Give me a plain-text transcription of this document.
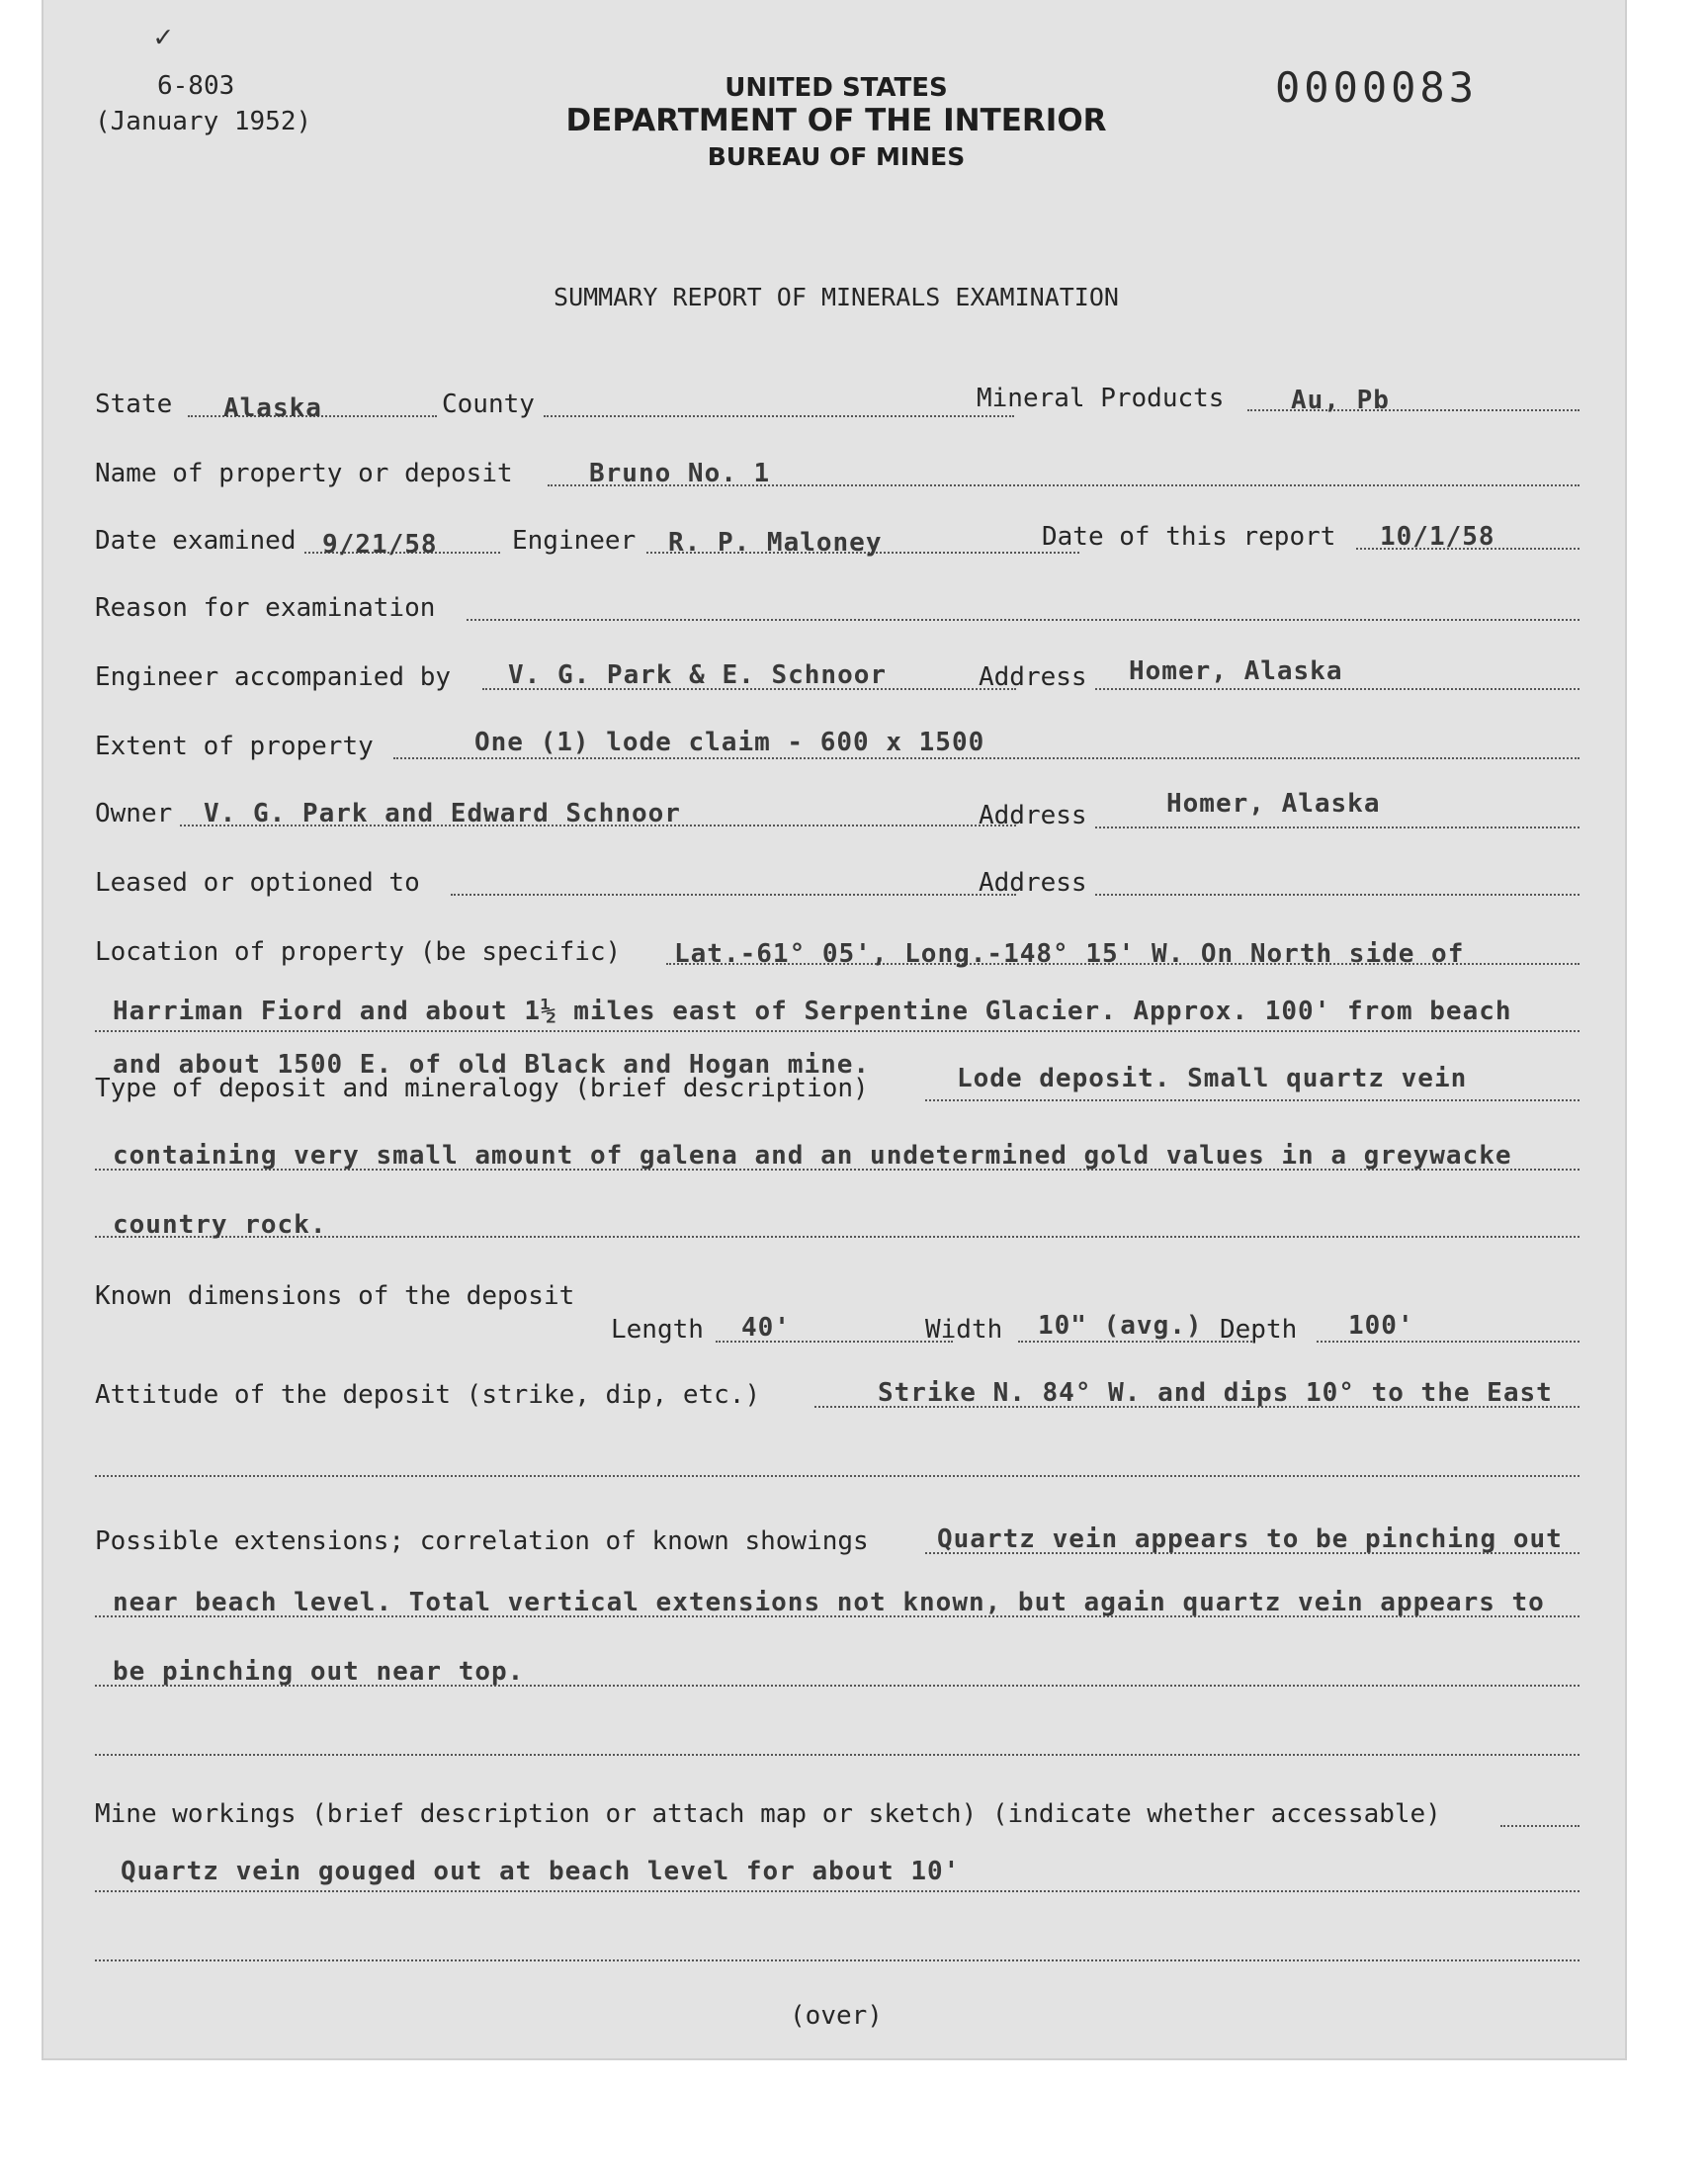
✓
6-803
(January 1952)
UNITED STATES
DEPARTMENT OF THE INTERIOR
BUREAU OF MINES
0000083
SUMMARY REPORT OF MINERALS EXAMINATION
State Alaska	County	Mineral Products	Au, Pb
Name of property or deposit	Bruno No. 1
Date examined 9/21/58	Engineer R. P. Maloney	Date of this report 10/1/58
Reason for examination
Engineer accompanied by V. G. Park & E. Schnoor	Address Homer, Alaska
Extent of property	One (1) lode claim - 600 x 1500
Owner V. G. Park and Edward Schnoor	Address	Homer, Alaska
Leased or optioned to	Address
Location of property (be specific) Lat.-61° 05', Long.-148° 15' W. On North side of
Harriman Fiord and about 1½ miles east of Serpentine Glacier. Approx. 100' from beach
and about 1500 E. of old Black and Hogan mine.
Type of deposit and mineralogy (brief description)	Lode deposit. Small quartz vein
containing very small amount of galena and an undetermined gold values in a greywacke
country rock.
Known dimensions of the deposit
Length 40'	Width 10" (avg.) Depth 100'
Attitude of the deposit (strike, dip, etc.)	Strike N. 84° W. and dips 10° to the East
Possible extensions; correlation of known showings	Quartz vein appears to be pinching out
near beach level. Total vertical extensions not known, but again quartz vein appears to
be pinching out near top.
Mine workings (brief description or attach map or sketch) (indicate whether accessable)
Quartz vein gouged out at beach level for about 10'
(over)
